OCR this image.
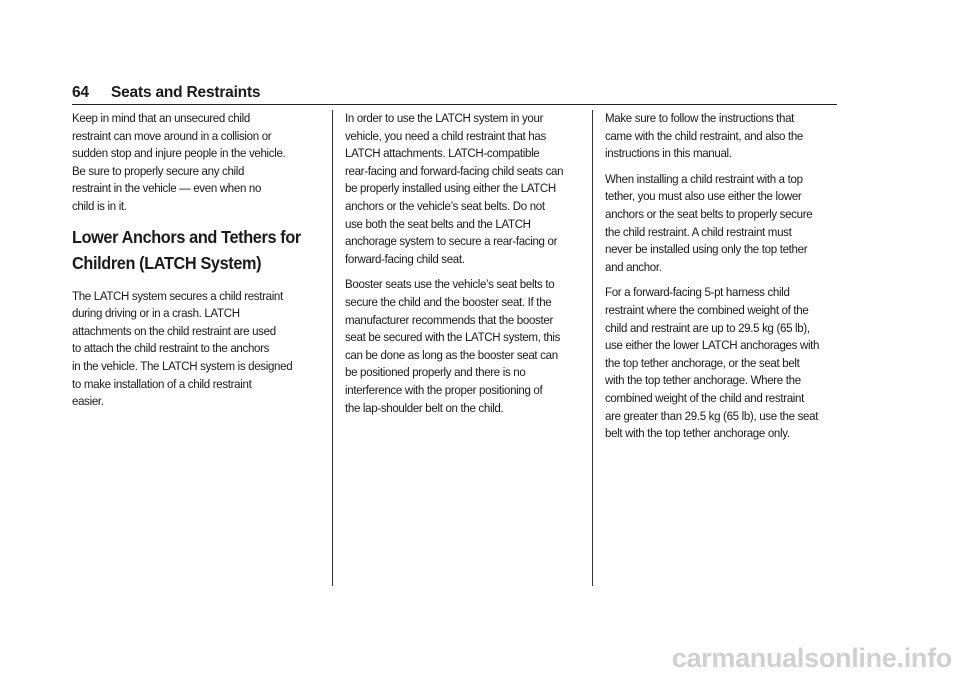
64 Seats and Restraints

Keep in mind that an unsecured child
restraint can move around in a collision or
sudden stop and injure people in the vehicle.
Be sure to properly secure any child
restraint in the vehicle — even when no
child is in it.

Lower Anchors and Tethers for
Children (LATCH System)

The LATCH system secures a child restraint
during driving or in a crash. LATCH
attachments on the child restraint are used
to attach the child restraint to the anchors
in the vehicle. The LATCH system is designed
to make installation of a child restraint
easier.

In order to use the LATCH system in your
vehicle, you need a child restraint that has
LATCH attachments. LATCH-compatible
rear-facing and forward-facing child seats can
be properly installed using either the LATCH
anchors or the vehicle’s seat belts. Do not
use both the seat belts and the LATCH
anchorage system to secure a rear-facing or
forward-facing child seat.

Booster seats use the vehicle’s seat belts to
secure the child and the booster seat. If the
manufacturer recommends that the booster
seat be secured with the LATCH system, this
can be done as long as the booster seat can
be positioned properly and there is no
interference with the proper positioning of
the lap-shoulder belt on the child.

Make sure to follow the instructions that
came with the child restraint, and also the
instructions in this manual.

When installing a child restraint with a top
tether, you must also use either the lower
anchors or the seat belts to properly secure
the child restraint. A child restraint must
never be installed using only the top tether
and anchor.

For a forward-facing 5-pt harness child
restraint where the combined weight of the
child and restraint are up to 29.5 kg (65 lb),
use either the lower LATCH anchorages with
the top tether anchorage, or the seat belt
with the top tether anchorage. Where the
combined weight of the child and restraint
are greater than 29.5 kg (65 lb), use the seat
belt with the top tether anchorage only.

carmanualsonline.info
